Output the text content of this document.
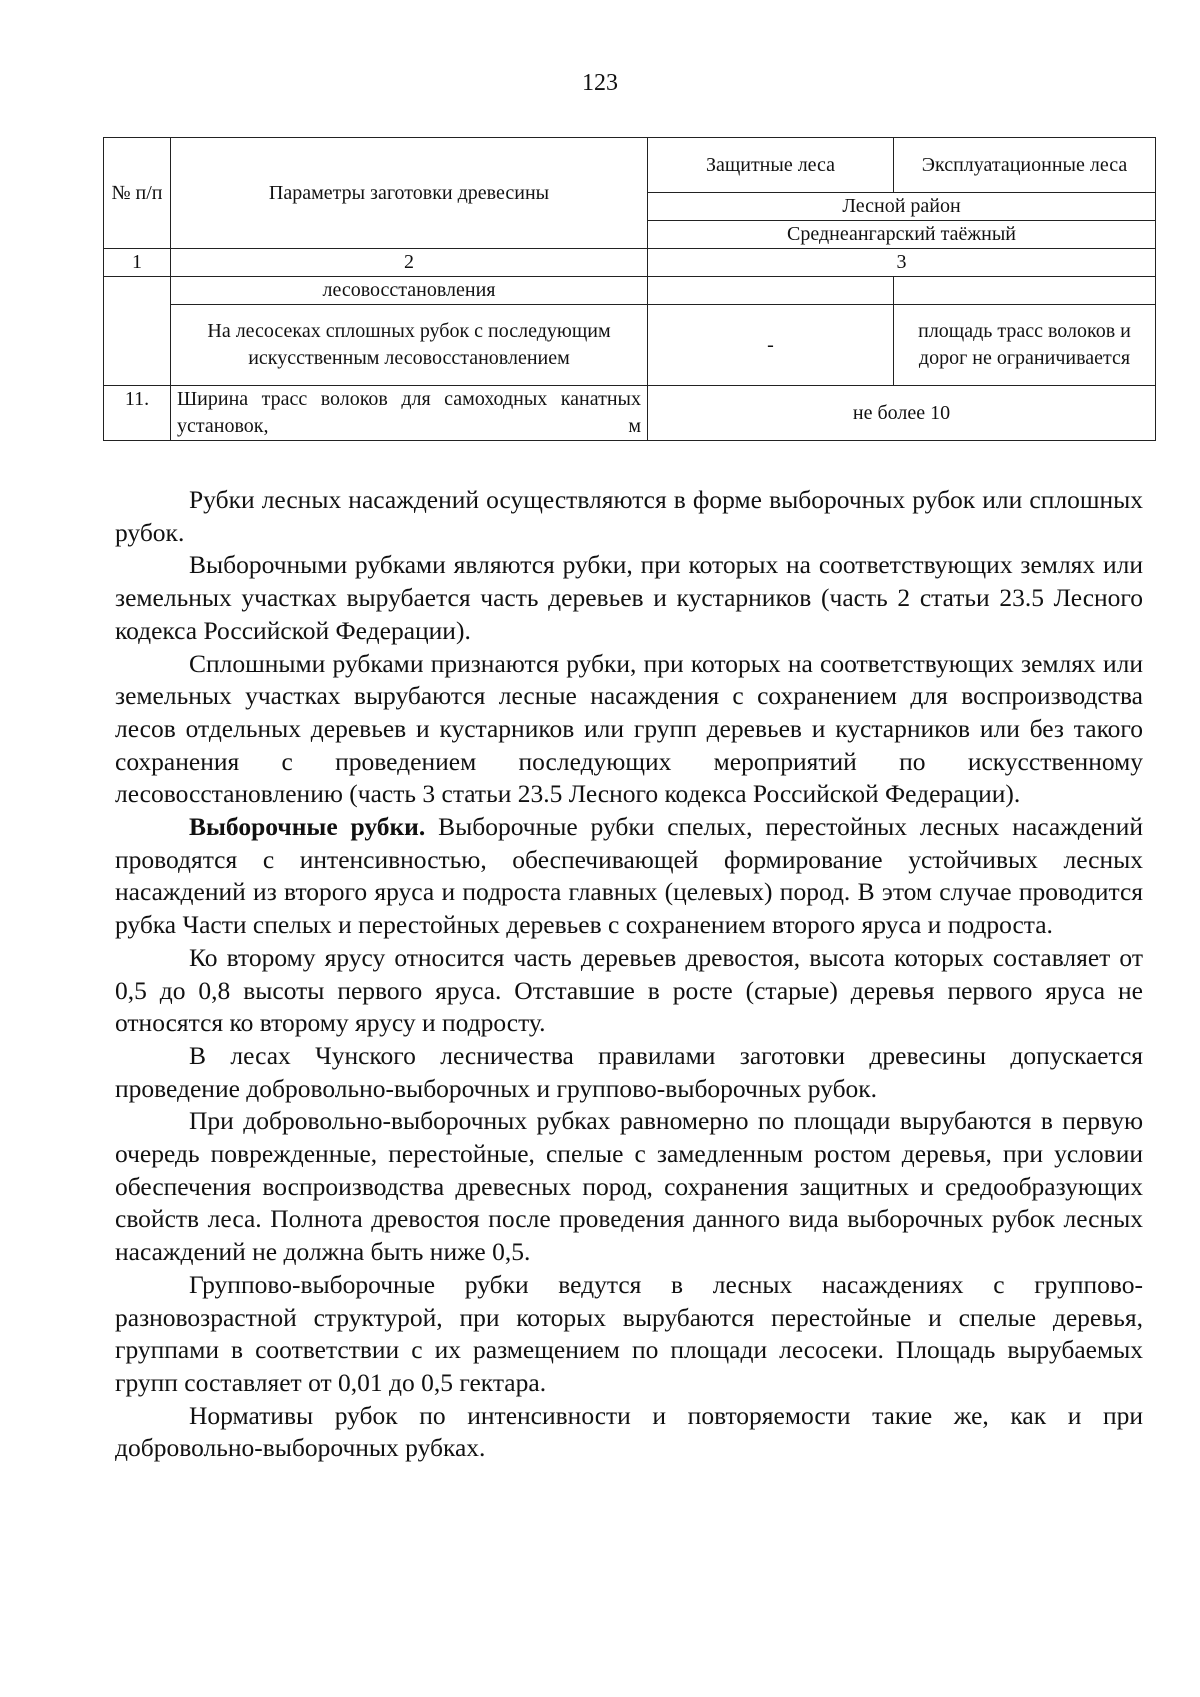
123
№ п/п	Параметры заготовки древесины	Защитные леса	Эксплуатационные леса
		Лесной район	
		Среднеангарский таёжный	
1	2	3	
	лесовосстановления		
	На лесосеках сплошных рубок с последующим искусственным лесовосстановлением	-	площадь трасс волоков и дорог не ограничивается
11.	Ширина трасс волоков для самоходных канатных установок, м	не более 10	

Рубки лесных насаждений осуществляются в форме выборочных рубок или сплошных рубок.

Выборочными рубками являются рубки, при которых на соответствующих землях или земельных участках вырубается часть деревьев и кустарников (часть 2 статьи 23.5 Лесного кодекса Российской Федерации).

Сплошными рубками признаются рубки, при которых на соответствующих землях или земельных участках вырубаются лесные насаждения с сохранением для воспроизводства лесов отдельных деревьев и кустарников или групп деревьев и кустарников или без такого сохранения с проведением последующих мероприятий по искусственному лесовосстановлению (часть 3 статьи 23.5 Лесного кодекса Российской Федерации).

Выборочные рубки. Выборочные рубки спелых, перестойных лесных насаждений проводятся с интенсивностью, обеспечивающей формирование устойчивых лесных насаждений из второго яруса и подроста главных (целевых) пород. В этом случае проводится рубка Части спелых и перестойных деревьев с сохранением второго яруса и подроста.

Ко второму ярусу относится часть деревьев древостоя, высота которых составляет от 0,5 до 0,8 высоты первого яруса. Отставшие в росте (старые) деревья первого яруса не относятся ко второму ярусу и подросту.

В лесах Чунского лесничества правилами заготовки древесины допускается проведение добровольно-выборочных и группово-выборочных рубок.

При добровольно-выборочных рубках равномерно по площади вырубаются в первую очередь поврежденные, перестойные, спелые с замедленным ростом деревья, при условии обеспечения воспроизводства древесных пород, сохранения защитных и средообразующих свойств леса. Полнота древостоя после проведения данного вида выборочных рубок лесных насаждений не должна быть ниже 0,5.

Группово-выборочные рубки ведутся в лесных насаждениях с группово-разновозрастной структурой, при которых вырубаются перестойные и спелые деревья, группами в соответствии с их размещением по площади лесосеки. Площадь вырубаемых групп составляет от 0,01 до 0,5 гектара.

Нормативы рубок по интенсивности и повторяемости такие же, как и при добровольно-выборочных рубках.
